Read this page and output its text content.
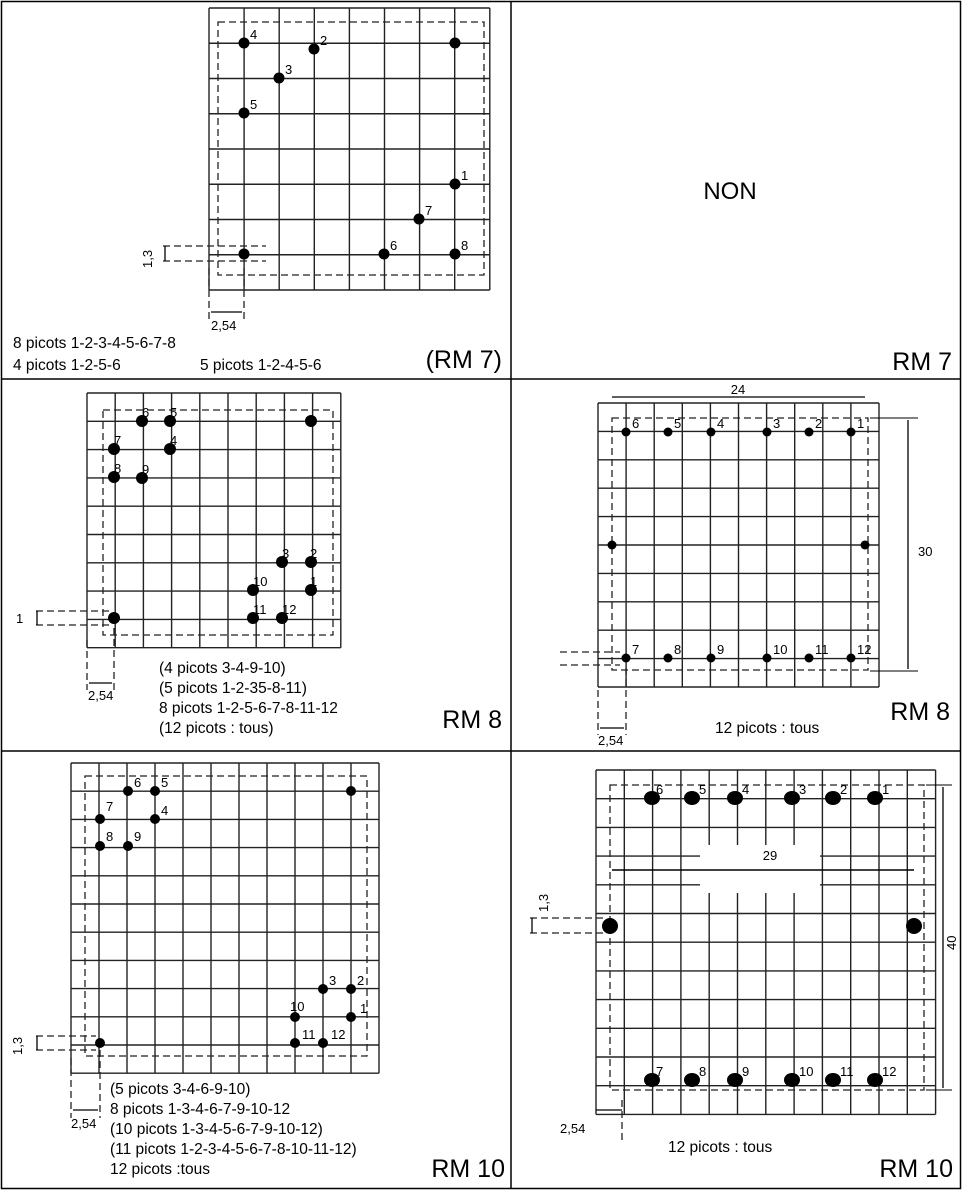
1
2
3
4
5
6
7
8
1,3
2,54
8 picots 1-2-3-4-5-6-7-8
4 picots 1-2-5-6	5 picots 1-2-4-5-6	(RM 7)
NON
RM 7
1
2
3
4
5
6
7
8 9
10
11 12
1
2,54
(4 picots 3-4-9-10)
(5 picots 1-2-35-8-11)
8 picots 1-2-5-6-7-8-11-12
(12 picots : tous)	RM 8
1
2
3
4
5
6
7	8	9	10 11 12
24
30
2,54
12 picots : tous
RM 8
1
2
3
4
5
6
7
8 9
10
11 12
1,3
2,54
(5 picots 3-4-6-9-10)
8 picots 1-3-4-6-7-9-10-12
(10 picots 1-3-4-5-6-7-9-10-12)
(11 picots 1-2-3-4-5-6-7-8-10-11-12)
12 picots :tous	RM 10
1
2
3
4
5
6
7	8	9	10 11 12
29
40
1,3
2,54
12 picots : tous
RM 10
